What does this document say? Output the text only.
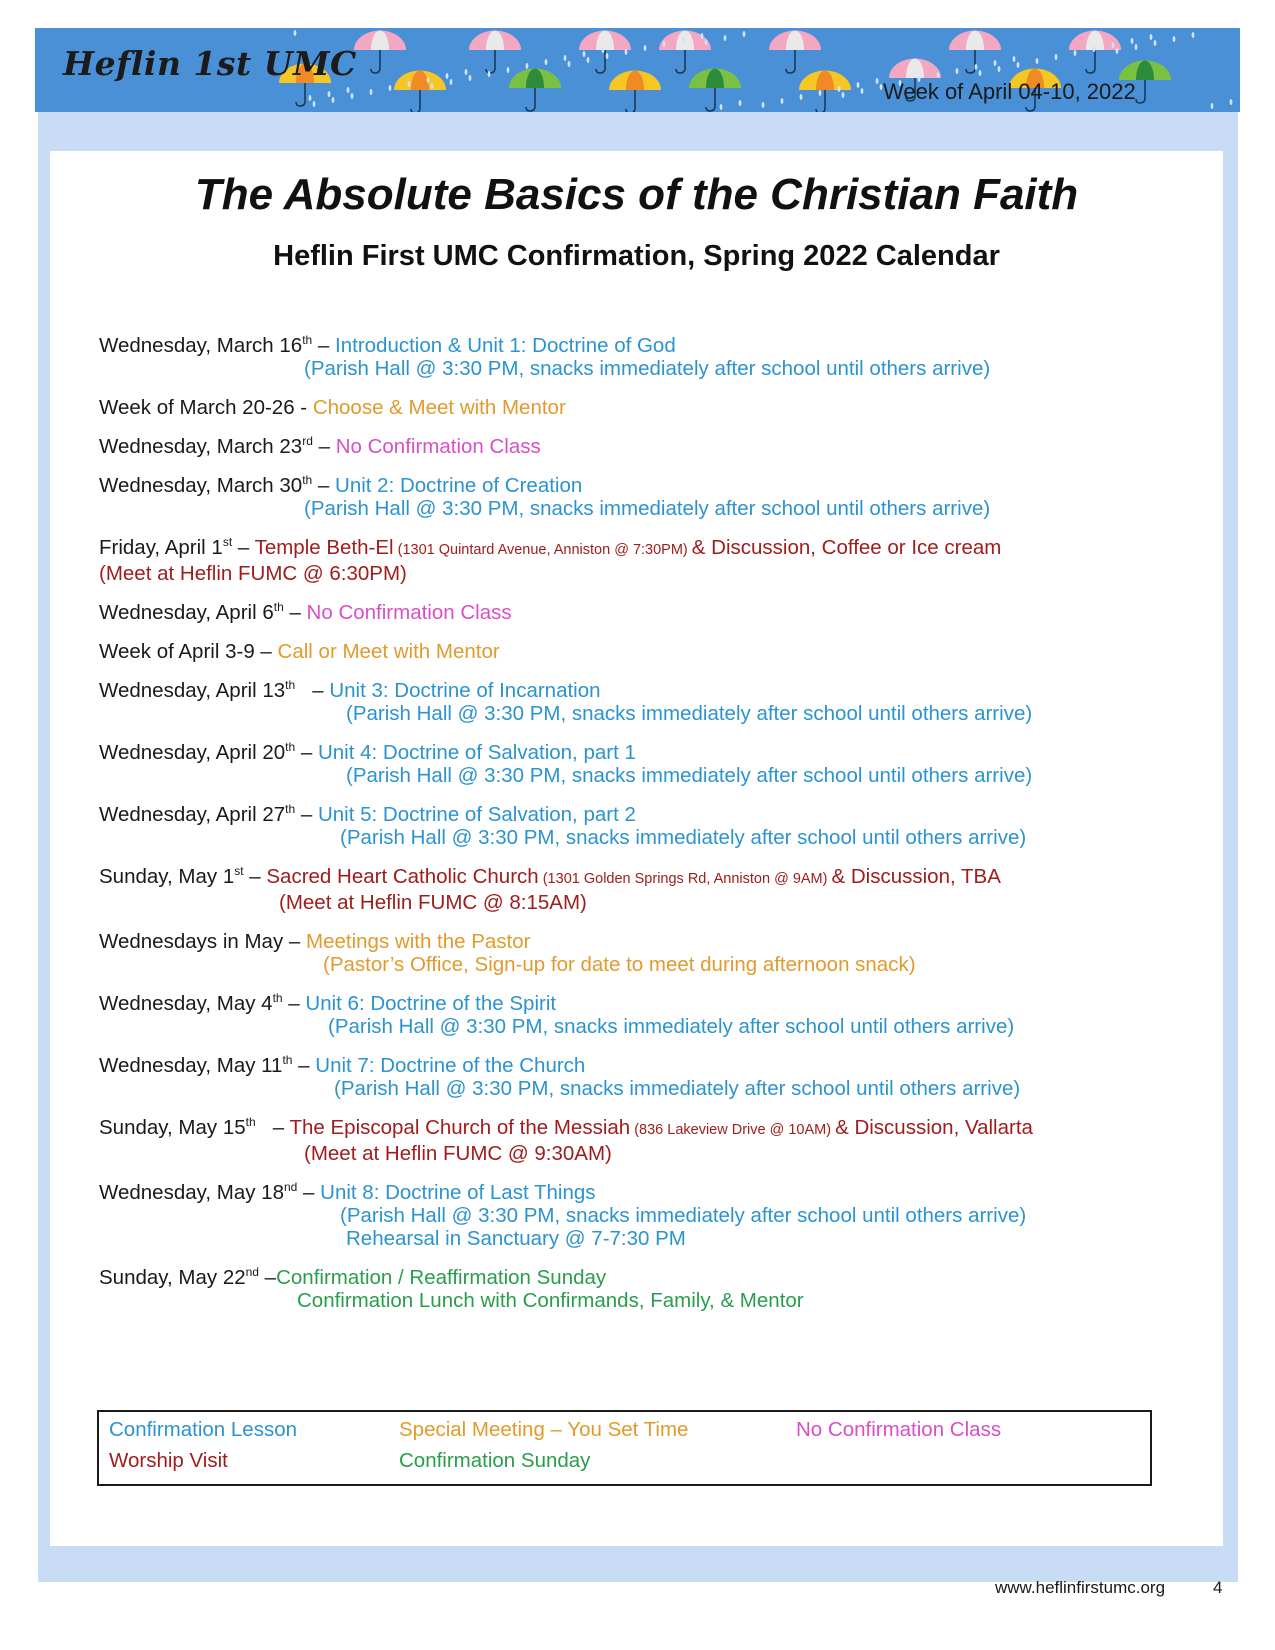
Heflin 1st UMC
Week of April 04-10, 2022
The Absolute Basics of the Christian Faith
Heflin First UMC Confirmation, Spring 2022 Calendar
Wednesday, March 16th – Introduction & Unit 1: Doctrine of God
(Parish Hall @ 3:30 PM, snacks immediately after school until others arrive)
Week of March 20-26 - Choose & Meet with Mentor
Wednesday, March 23rd – No Confirmation Class
Wednesday, March 30th – Unit 2: Doctrine of Creation
(Parish Hall @ 3:30 PM, snacks immediately after school until others arrive)
Friday, April 1st – Temple Beth-El (1301 Quintard Avenue, Anniston @ 7:30PM) & Discussion, Coffee or Ice cream
(Meet at Heflin FUMC @ 6:30PM)
Wednesday, April 6th – No Confirmation Class
Week of April 3-9 – Call or Meet with Mentor
Wednesday, April 13th   – Unit 3: Doctrine of Incarnation
(Parish Hall @ 3:30 PM, snacks immediately after school until others arrive)
Wednesday, April 20th – Unit 4: Doctrine of Salvation, part 1
(Parish Hall @ 3:30 PM, snacks immediately after school until others arrive)
Wednesday, April 27th – Unit 5: Doctrine of Salvation, part 2
(Parish Hall @ 3:30 PM, snacks immediately after school until others arrive)
Sunday, May 1st – Sacred Heart Catholic Church (1301 Golden Springs Rd, Anniston @ 9AM) & Discussion, TBA
(Meet at Heflin FUMC @ 8:15AM)
Wednesdays in May – Meetings with the Pastor
(Pastor’s Office, Sign-up for date to meet during afternoon snack)
Wednesday, May 4th – Unit 6: Doctrine of the Spirit
(Parish Hall @ 3:30 PM, snacks immediately after school until others arrive)
Wednesday, May 11th – Unit 7: Doctrine of the Church
(Parish Hall @ 3:30 PM, snacks immediately after school until others arrive)
Sunday, May 15th   – The Episcopal Church of the Messiah (836 Lakeview Drive @ 10AM) & Discussion, Vallarta
(Meet at Heflin FUMC @ 9:30AM)
Wednesday, May 18nd – Unit 8: Doctrine of Last Things
(Parish Hall @ 3:30 PM, snacks immediately after school until others arrive)
Rehearsal in Sanctuary @ 7-7:30 PM
Sunday, May 22nd –Confirmation / Reaffirmation Sunday
Confirmation Lunch with Confirmands, Family, & Mentor
Confirmation Lesson	Special Meeting – You Set Time	No Confirmation Class
Worship Visit	Confirmation Sunday
www.heflinfirstumc.org	4
